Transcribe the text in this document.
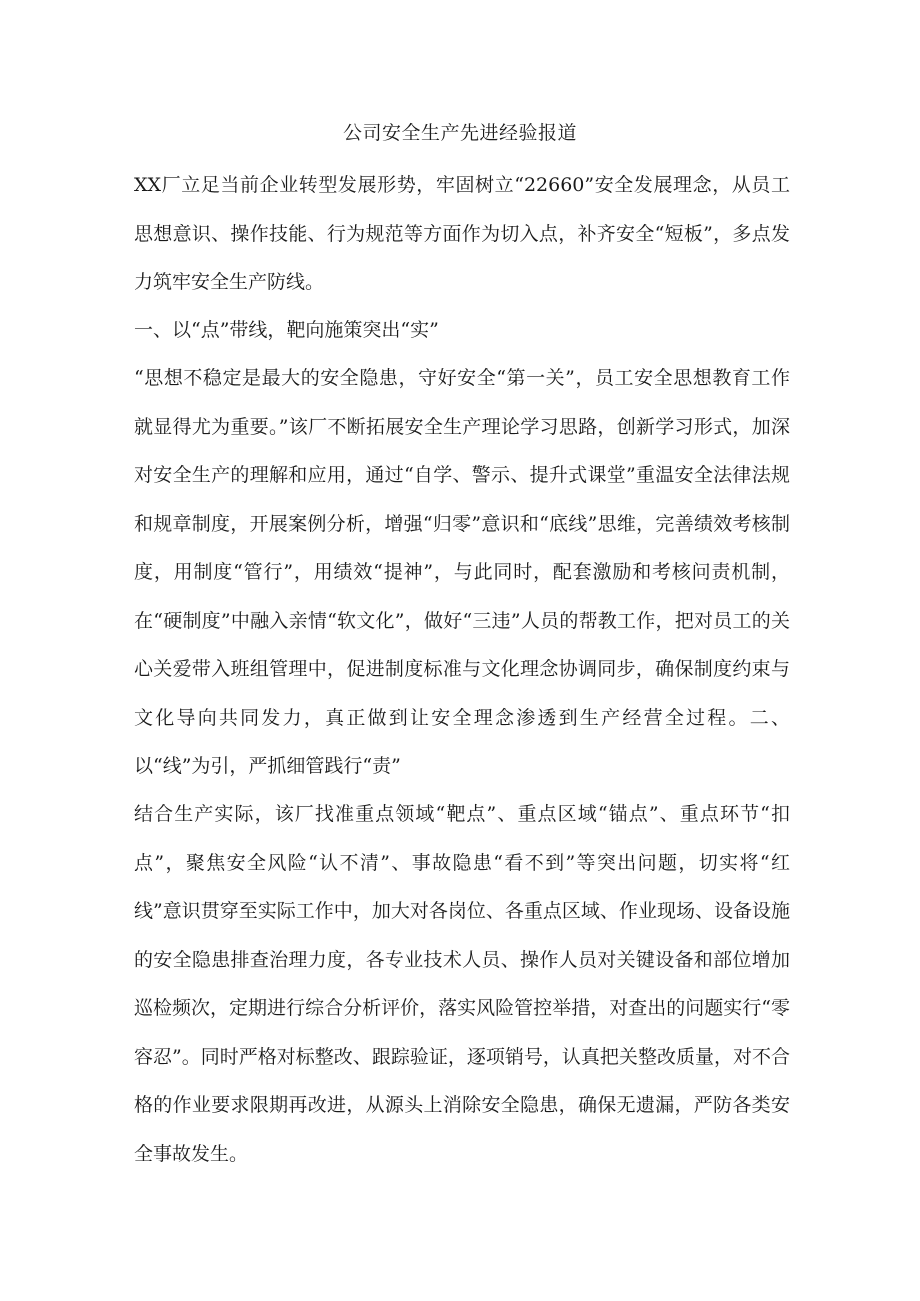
公司安全生产先进经验报道

XX厂立足当前企业转型发展形势，牢固树立“22660”安全发展理念，从员工思想意识、操作技能、行为规范等方面作为切入点，补齐安全“短板”，多点发力筑牢安全生产防线。

一、以“点”带线，靶向施策突出“实”

“思想不稳定是最大的安全隐患，守好安全“第一关”，员工安全思想教育工作就显得尤为重要。”该厂不断拓展安全生产理论学习思路，创新学习形式，加深对安全生产的理解和应用，通过“自学、警示、提升式课堂”重温安全法律法规和规章制度，开展案例分析，增强“归零”意识和“底线”思维，完善绩效考核制度，用制度“管行”，用绩效“提神”，与此同时，配套激励和考核问责机制，在“硬制度”中融入亲情“软文化”，做好“三违”人员的帮教工作，把对员工的关心关爱带入班组管理中，促进制度标准与文化理念协调同步，确保制度约束与文化导向共同发力，真正做到让安全理念渗透到生产经营全过程。二、以“线”为引，严抓细管践行“责”

结合生产实际，该厂找准重点领域“靶点”、重点区域“锚点”、重点环节“扣点”，聚焦安全风险“认不清”、事故隐患“看不到”等突出问题，切实将“红线”意识贯穿至实际工作中，加大对各岗位、各重点区域、作业现场、设备设施的安全隐患排查治理力度，各专业技术人员、操作人员对关键设备和部位增加巡检频次，定期进行综合分析评价，落实风险管控举措，对查出的问题实行“零容忍”。同时严格对标整改、跟踪验证，逐项销号，认真把关整改质量，对不合格的作业要求限期再改进，从源头上消除安全隐患，确保无遗漏，严防各类安全事故发生。
